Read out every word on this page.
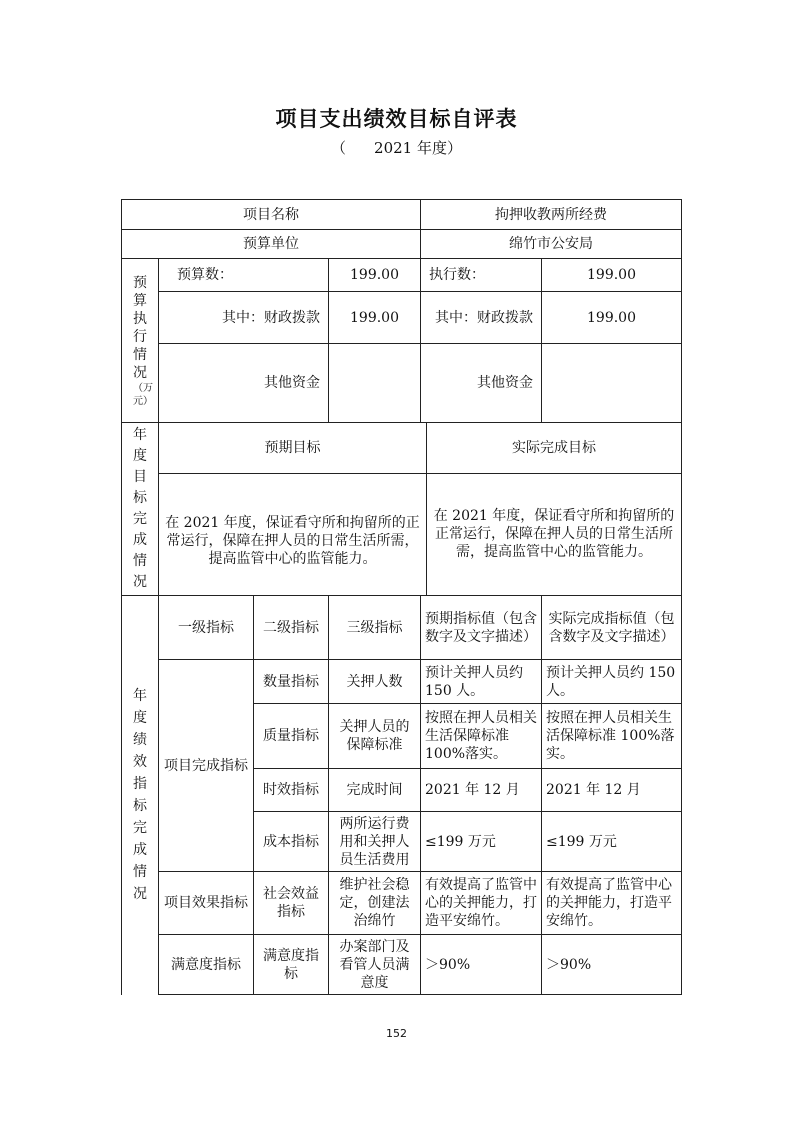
项目支出绩效目标自评表
（ 2021 年度）
项目名称				拘押收教两所经费		
预算单位				绵竹市公安局		

预算执行情况
（万元）	预算数：		199.00	执行数：		199.00
	其中：财政拨款		199.00	其中：财政拨款		199.00
	其他资金			其他资金		

年度目标完成情况	预期目标				实际完成目标	
	在 2021 年度，保证看守所和拘留所的正常运行，保障在押人员的日常生活所需，提高监管中心的监管能力。				在 2021 年度，保证看守所和拘留所的正常运行，保障在押人员的日常生活所需，提高监管中心的监管能力。	

年度绩效指标完成情况	一级指标	二级指标	三级指标	预期指标值（包含数字及文字描述）		实际完成指标值（包含数字及文字描述）
	项目完成指标	数量指标	关押人数	预计关押人员约 150 人。		预计关押人员约 150 人。
		质量指标	关押人员的保障标准	按照在押人员相关生活保障标准 100%落实。		按照在押人员相关生活保障标准 100%落实。
		时效指标	完成时间	2021 年 12 月		2021 年 12 月
		成本指标	两所运行费用和关押人员生活费用	≤199 万元		≤199 万元
	项目效果指标	社会效益指标	维护社会稳定，创建法治绵竹	有效提高了监管中心的关押能力，打造平安绵竹。		有效提高了监管中心的关押能力，打造平安绵竹。
	满意度指标	满意度指标	办案部门及看管人员满意度	＞90%		＞90%
152
